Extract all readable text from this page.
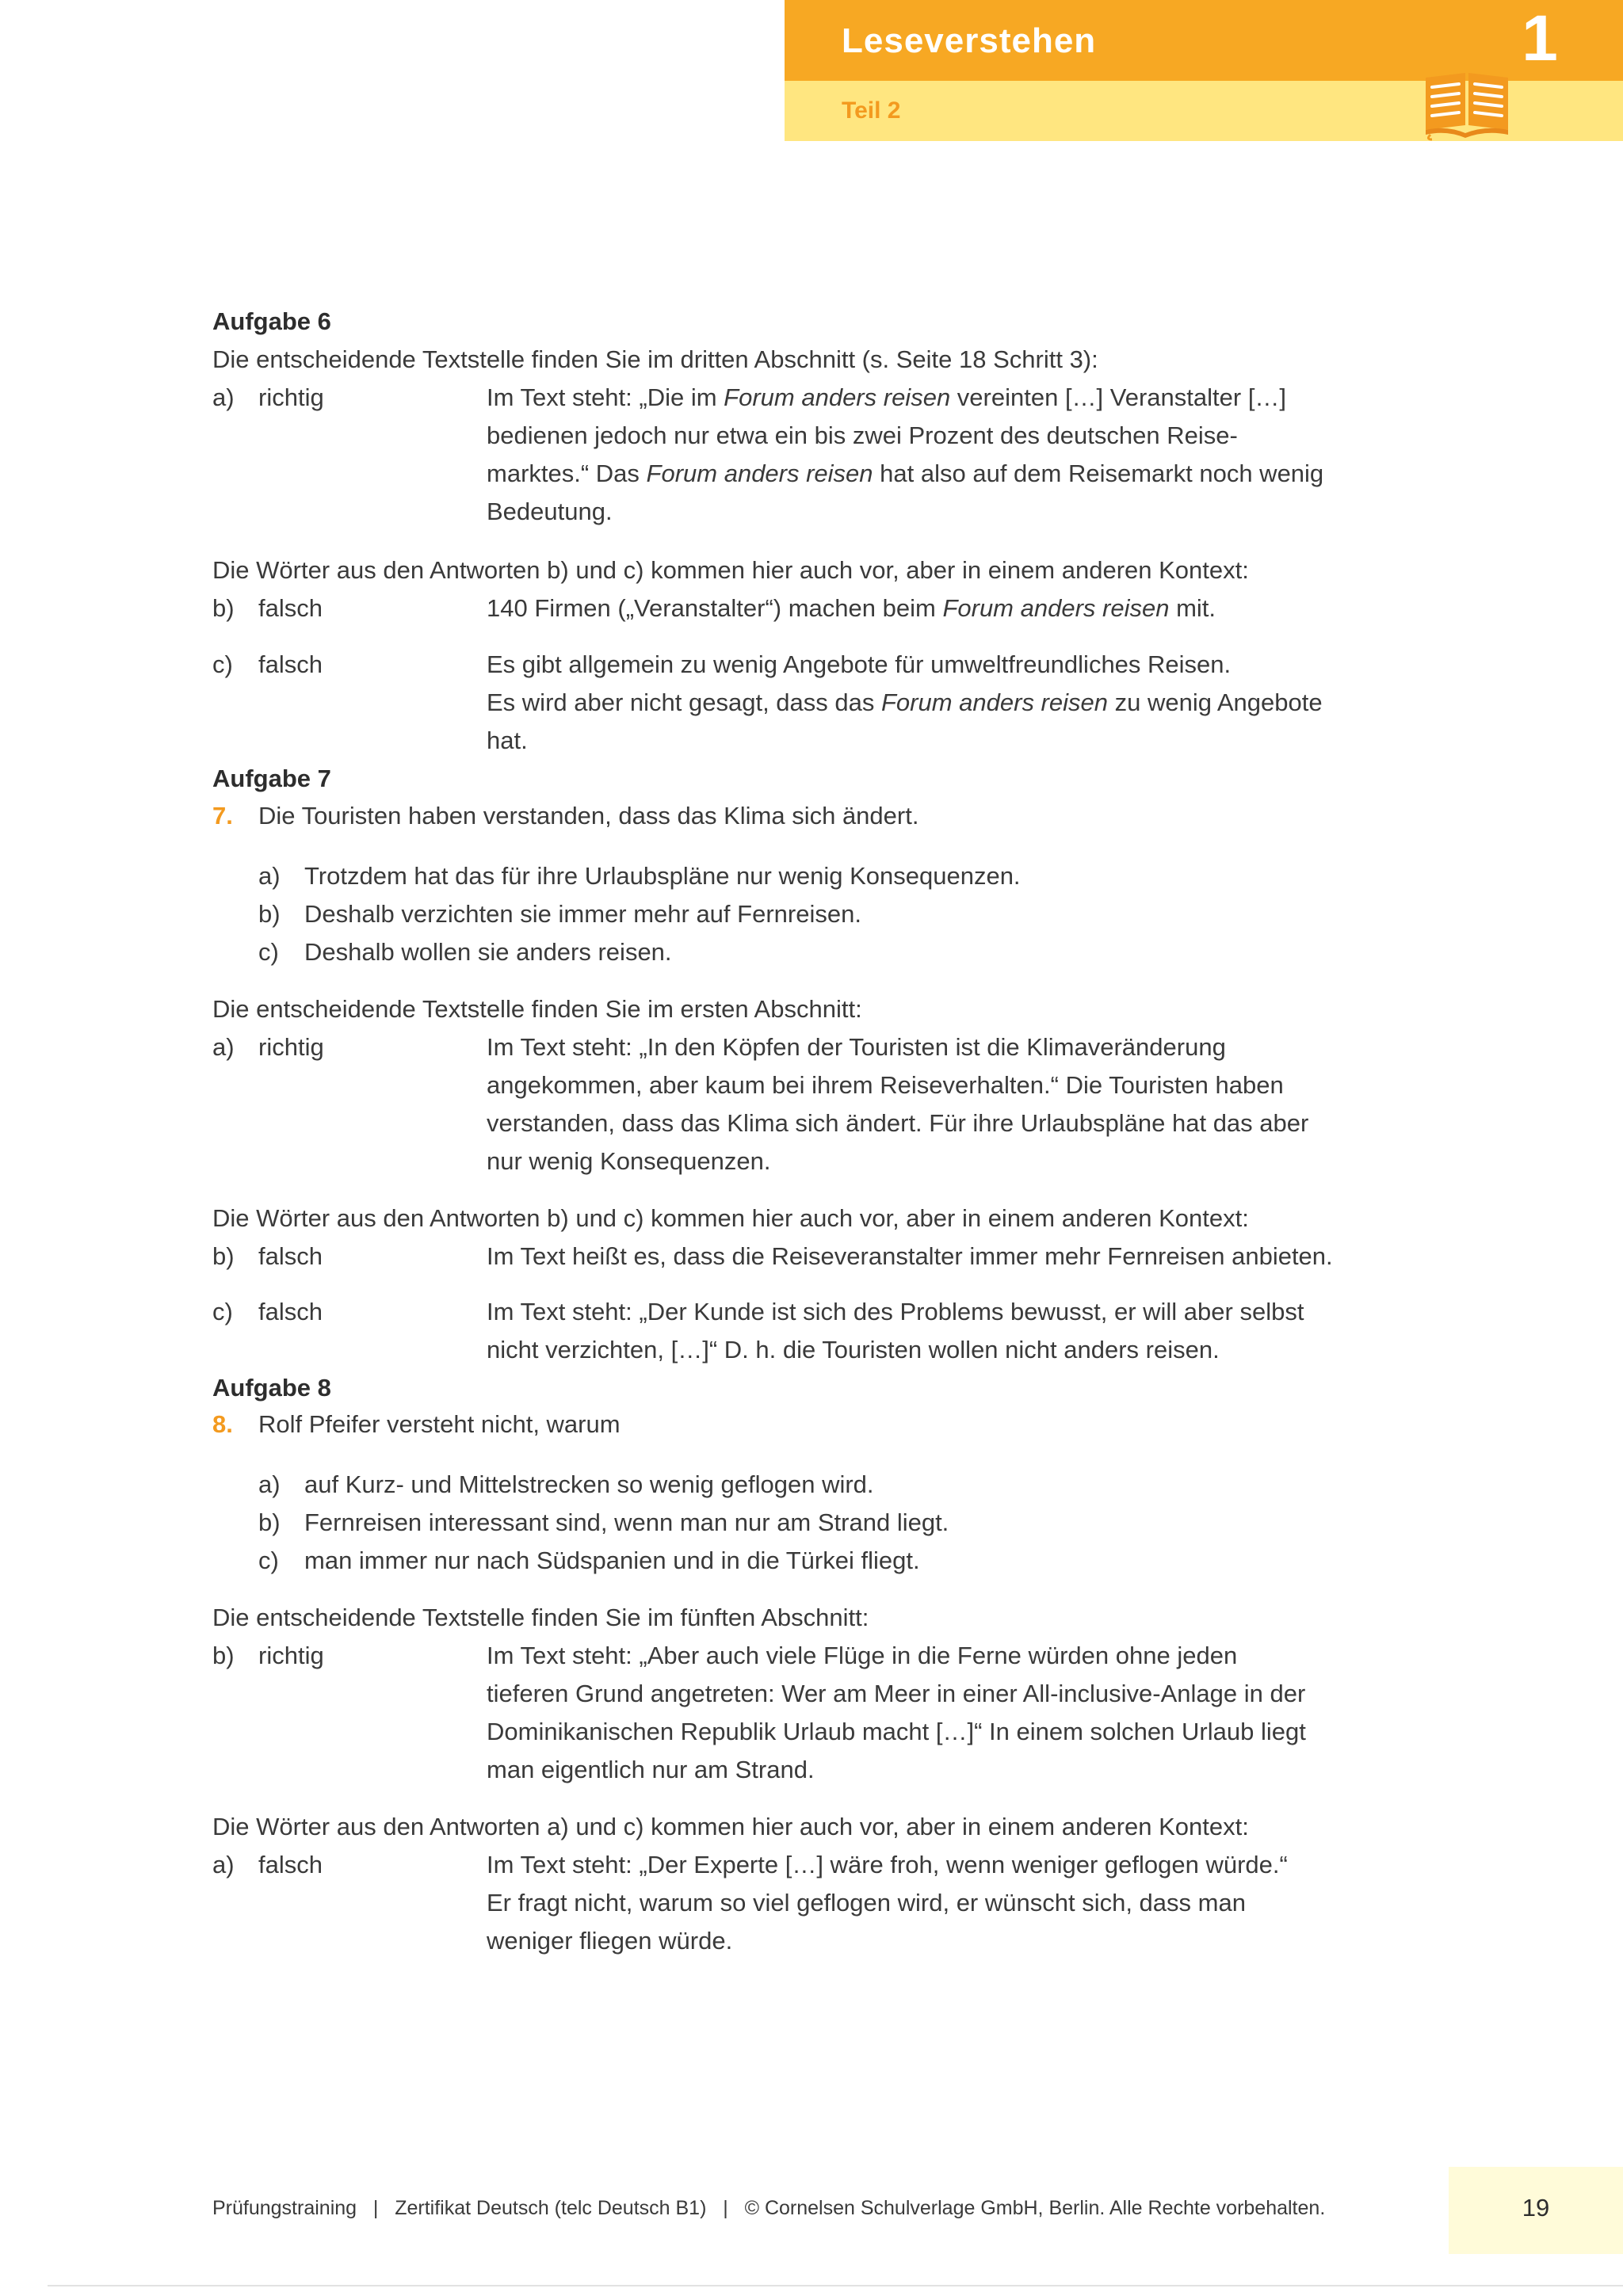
Leseverstehen
Teil 2
1
Aufgabe 6
Die entscheidende Textstelle finden Sie im dritten Abschnitt (s. Seite 18 Schritt 3):
a) richtig	Im Text steht: „Die im Forum anders reisen vereinten […] Veranstalter […]
bedienen jedoch nur etwa ein bis zwei Prozent des deutschen Reise-
marktes.“ Das Forum anders reisen hat also auf dem Reisemarkt noch wenig
Bedeutung.
Die Wörter aus den Antworten b) und c) kommen hier auch vor, aber in einem anderen Kontext:
b) falsch	140 Firmen („Veranstalter“) machen beim Forum anders reisen mit.
c) falsch	Es gibt allgemein zu wenig Angebote für umweltfreundliches Reisen.
Es wird aber nicht gesagt, dass das Forum anders reisen zu wenig Angebote
hat.
Aufgabe 7
7. Die Touristen haben verstanden, dass das Klima sich ändert.
a) Trotzdem hat das für ihre Urlaubspläne nur wenig Konsequenzen.
b) Deshalb verzichten sie immer mehr auf Fernreisen.
c) Deshalb wollen sie anders reisen.
Die entscheidende Textstelle finden Sie im ersten Abschnitt:
a) richtig	Im Text steht: „In den Köpfen der Touristen ist die Klimaveränderung
angekommen, aber kaum bei ihrem Reiseverhalten.“ Die Touristen haben
verstanden, dass das Klima sich ändert. Für ihre Urlaubspläne hat das aber
nur wenig Konsequenzen.
Die Wörter aus den Antworten b) und c) kommen hier auch vor, aber in einem anderen Kontext:
b) falsch	Im Text heißt es, dass die Reiseveranstalter immer mehr Fernreisen anbieten.
c) falsch	Im Text steht: „Der Kunde ist sich des Problems bewusst, er will aber selbst
nicht verzichten, […]“ D. h. die Touristen wollen nicht anders reisen.
Aufgabe 8
8. Rolf Pfeifer versteht nicht, warum
a) auf Kurz- und Mittelstrecken so wenig geflogen wird.
b) Fernreisen interessant sind, wenn man nur am Strand liegt.
c) man immer nur nach Südspanien und in die Türkei fliegt.
Die entscheidende Textstelle finden Sie im fünften Abschnitt:
b) richtig	Im Text steht: „Aber auch viele Flüge in die Ferne würden ohne jeden
tieferen Grund angetreten: Wer am Meer in einer All-inclusive-Anlage in der
Dominikanischen Republik Urlaub macht […]“ In einem solchen Urlaub liegt
man eigentlich nur am Strand.
Die Wörter aus den Antworten a) und c) kommen hier auch vor, aber in einem anderen Kontext:
a) falsch	Im Text steht: „Der Experte […] wäre froh, wenn weniger geflogen würde.“
Er fragt nicht, warum so viel geflogen wird, er wünscht sich, dass man
weniger fliegen würde.
Prüfungstraining   |   Zertifikat Deutsch (telc Deutsch B1)   |   © Cornelsen Schulverlage GmbH, Berlin. Alle Rechte vorbehalten.	19
